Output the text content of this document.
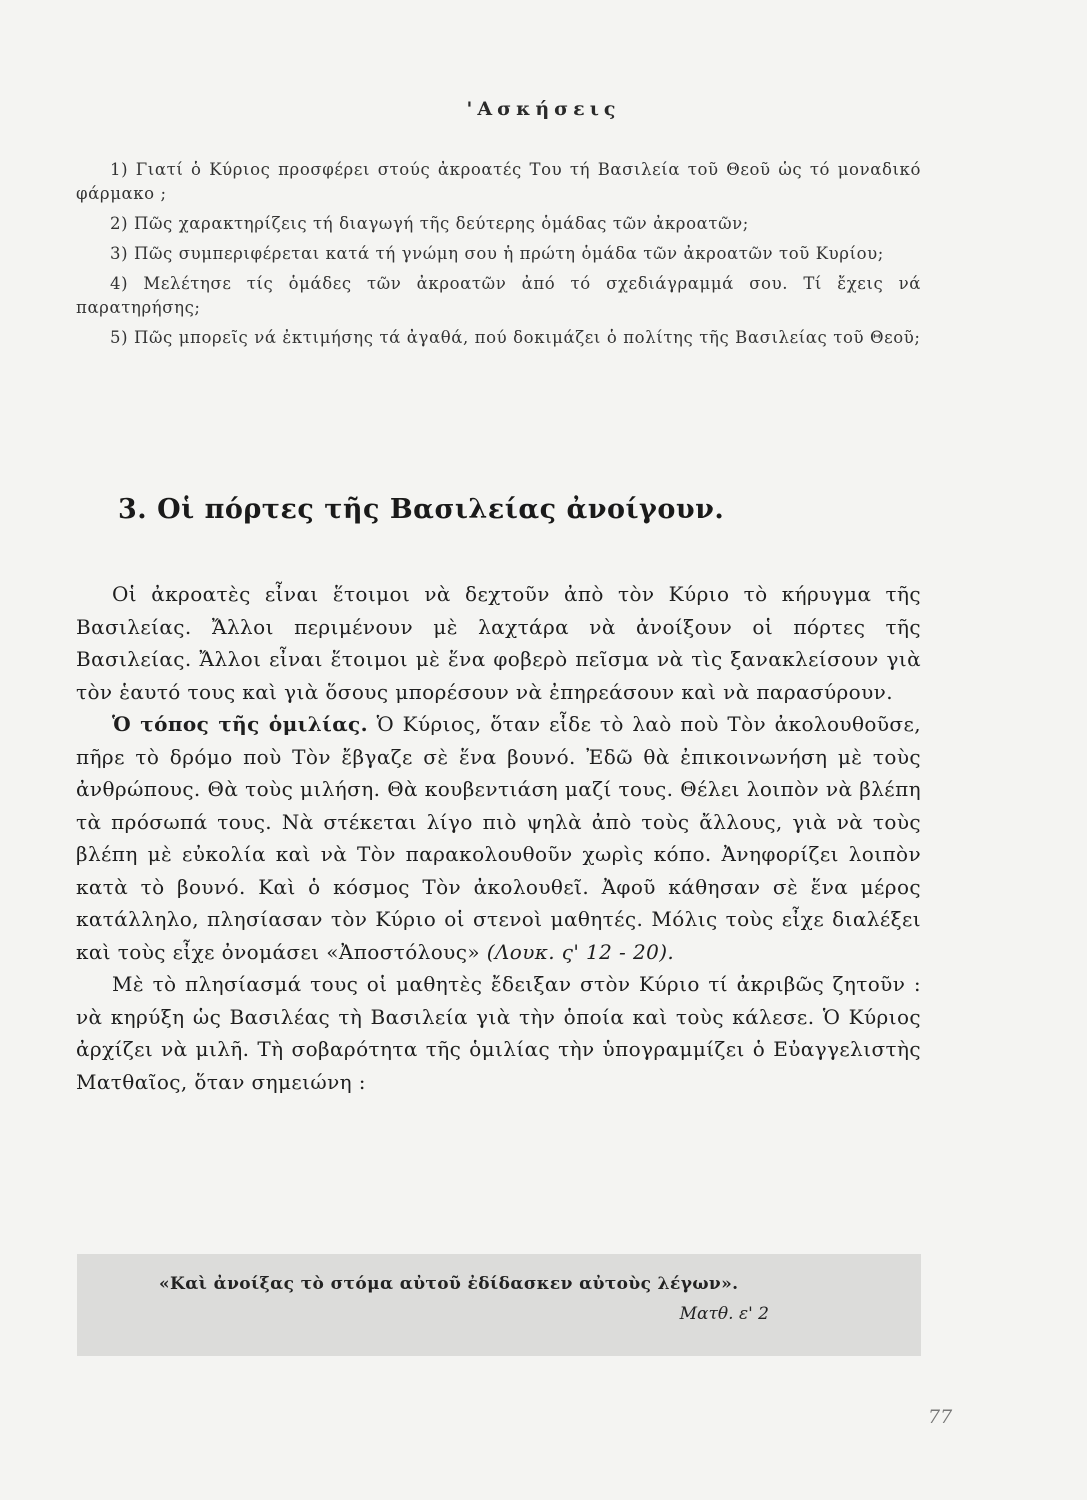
'Ασκήσεις

1) Γιατί ὁ Κύριος προσφέρει στούς ἀκροατές Του τή Βασιλεία τοῦ Θεοῦ ὡς τό μοναδικό φάρμακο ;

2) Πῶς χαρακτηρίζεις τή διαγωγή τῆς δεύτερης ὁμάδας τῶν ἀκροατῶν;

3) Πῶς συμπεριφέρεται κατά τή γνώμη σου ἡ πρώτη ὁμάδα τῶν ἀκροατῶν τοῦ Κυρίου;

4) Μελέτησε τίς ὁμάδες τῶν ἀκροατῶν ἀπό τό σχεδιάγραμμά σου. Τί ἔχεις νά παρατηρήσης;

5) Πῶς μπορεῖς νά ἐκτιμήσης τά ἀγαθά, πού δοκιμάζει ὁ πολίτης τῆς Βασιλείας τοῦ Θεοῦ;

3. Οἱ πόρτες τῆς Βασιλείας ἀνοίγουν.

Οἱ ἀκροατὲς εἶναι ἕτοιμοι νὰ δεχτοῦν ἀπὸ τὸν Κύριο τὸ κήρυγμα τῆς Βασιλείας. Ἄλλοι περιμένουν μὲ λαχτάρα νὰ ἀνοίξουν οἱ πόρτες τῆς Βασιλείας. Ἄλλοι εἶναι ἕτοιμοι μὲ ἕνα φοβερὸ πεῖσμα νὰ τὶς ξανακλείσουν γιὰ τὸν ἑαυτό τους καὶ γιὰ ὅσους μπορέσουν νὰ ἐπηρεάσουν καὶ νὰ παρασύρουν.

Ὁ τόπος τῆς ὁμιλίας. Ὁ Κύριος, ὅταν εἶδε τὸ λαὸ ποὺ Τὸν ἀκολουθοῦσε, πῆρε τὸ δρόμο ποὺ Τὸν ἔβγαζε σὲ ἕνα βουνό. Ἐδῶ θὰ ἐπικοινωνήση μὲ τοὺς ἀνθρώπους. Θὰ τοὺς μιλήση. Θὰ κουβεντιάση μαζί τους. Θέλει λοιπὸν νὰ βλέπη τὰ πρόσωπά τους. Νὰ στέκεται λίγο πιὸ ψηλὰ ἀπὸ τοὺς ἄλλους, γιὰ νὰ τοὺς βλέπη μὲ εὐκολία καὶ νὰ Τὸν παρακολουθοῦν χωρὶς κόπο. Ἀνηφορίζει λοιπὸν κατὰ τὸ βουνό. Καὶ ὁ κόσμος Τὸν ἀκολουθεῖ. Ἀφοῦ κάθησαν σὲ ἕνα μέρος κατάλληλο, πλησίασαν τὸν Κύριο οἱ στενοὶ μαθητές. Μόλις τοὺς εἶχε διαλέξει καὶ τοὺς εἶχε ὀνομάσει «Ἀποστόλους» (Λουκ. ς' 12 - 20).

Μὲ τὸ πλησίασμά τους οἱ μαθητὲς ἔδειξαν στὸν Κύριο τί ἀκριβῶς ζητοῦν : νὰ κηρύξη ὡς Βασιλέας τὴ Βασιλεία γιὰ τὴν ὁποία καὶ τοὺς κάλεσε. Ὁ Κύριος ἀρχίζει νὰ μιλῆ. Τὴ σοβαρότητα τῆς ὁμιλίας τὴν ὑπογραμμίζει ὁ Εὐαγγελιστὴς Ματθαῖος, ὅταν σημειώνη :

«Καὶ ἀνοίξας τὸ στόμα αὐτοῦ ἐδίδασκεν αὐτοὺς λέγων».
Ματθ. ε' 2
77
